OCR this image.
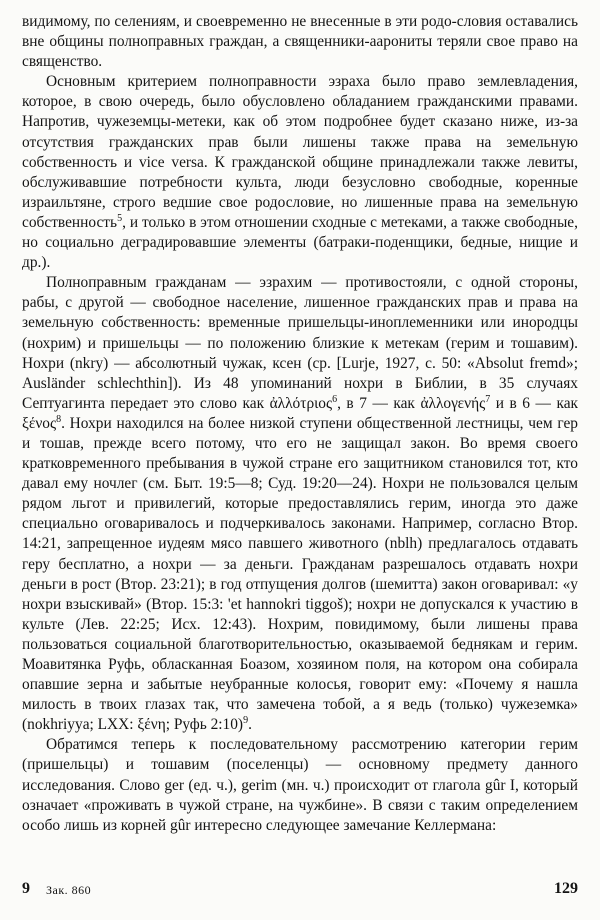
видимому, по селениям, и своевременно не внесенные в эти родо-словия оставались вне общины полноправных граждан, а священники-аарониты теряли свое право на священство.

Основным критерием полноправности эзраха было право землевладения, которое, в свою очередь, было обусловлено обладанием гражданскими правами. Напротив, чужеземцы-метеки, как об этом подробнее будет сказано ниже, из-за отсутствия гражданских прав были лишены также права на земельную собственность и vice versa. К гражданской общине принадлежали также левиты, обслуживавшие потребности культа, люди безусловно свободные, коренные израильтяне, строго ведшие свое родословие, но лишенные права на земельную собственность$^5$, и только в этом отношении сходные с метеками, а также свободные, но социально деградировавшие элементы (батраки-поденщики, бедные, нищие и др.).

Полноправным гражданам — эзрахим — противостояли, с одной стороны, рабы, с другой — свободное население, лишенное гражданских прав и права на земельную собственность: временные пришельцы-иноплеменники или инородцы (нохрим) и пришельцы — по положению близкие к метекам (герим и тошавим). Нохри (nkry) — абсолютный чужак, ксен (ср. [Lurje, 1927, с. 50: «Absolut fremd»; Ausländer schlechthin]). Из 48 упоминаний нохри в Библии, в 35 случаях Септуагинта передает это слово как ἀλλότριος$^6$, в 7 — как ἀλλογενής$^7$ и в 6 — как ξένος$^8$. Нохри находился на более низкой ступени общественной лестницы, чем гер и тошав, прежде всего потому, что его не защищал закон. Во время своего кратковременного пребывания в чужой стране его защитником становился тот, кто давал ему ночлег (см. Быт. 19:5—8; Суд. 19:20—24). Нохри не пользовался целым рядом льгот и привилегий, которые предоставлялись герим, иногда это даже специально оговаривалось и подчеркивалось законами. Например, согласно Втор. 14:21, запрещенное иудеям мясо павшего животного (nblh) предлагалось отдавать геру бесплатно, а нохри — за деньги. Гражданам разрешалось отдавать нохри деньги в рост (Втор. 23:21); в год отпущения долгов (шемитта) закон оговаривал: «у нохри взыскивай» (Втор. 15:3: 'et hannokri tiggoš); нохри не допускался к участию в культе (Лев. 22:25; Исх. 12:43). Нохрим, повидимому, были лишены права пользоваться социальной благотворительностью, оказываемой беднякам и герим. Моавитянка Руфь, обласканная Боазом, хозяином поля, на котором она собирала опавшие зерна и забытые неубранные колосья, говорит ему: «Почему я нашла милость в твоих глазах так, что замечена тобой, а я ведь (только) чужеземка» (nokhriyya; LXX: ξένη; Руфь 2:10)$^9$.

Обратимся теперь к последовательному рассмотрению категории герим (пришельцы) и тошавим (поселенцы) — основному предмету данного исследования. Слово ger (ед. ч.), gerim (мн. ч.) происходит от глагола gûr I, который означает «проживать в чужой стране, на чужбине». В связи с таким определением особо лишь из корней gûr интересно следующее замечание Келлермана:

9 Зак. 860	129
